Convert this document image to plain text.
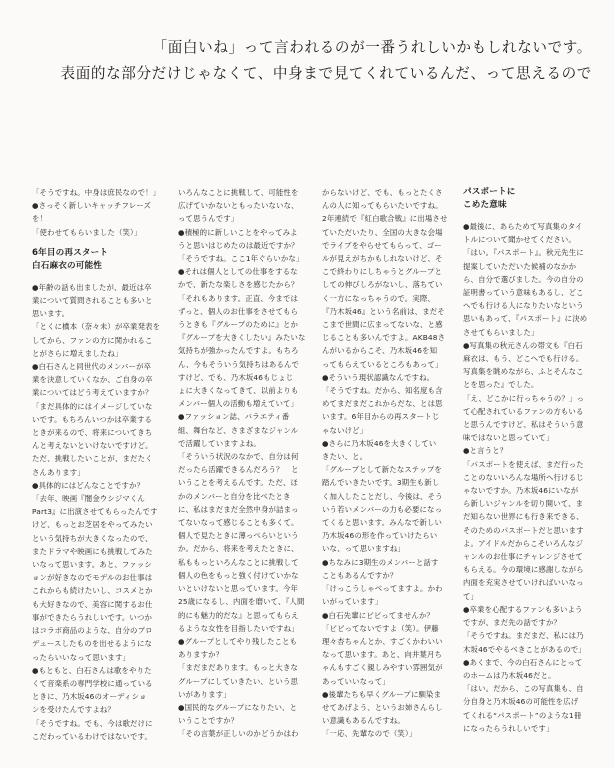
「面白いね」って言われるのが一番うれしいかもしれないです。
表面的な部分だけじゃなくて、中身まで見てくれているんだ、って思えるので
「そうですね。中身は庶民なので！」
●さっそく新しいキャッチフレーズ
を！
「使わせてもらいました（笑）」
6年目の再スタート
白石麻衣の可能性
●年齢の話も出ましたが、最近は卒
業について質問されることも多いと
思います。
「とくに橋本（奈々未）が卒業発表を
してから、ファンの方に関かれるこ
とがさらに増えましたね」
●白石さんと同世代のメンバーが卒
業を決意していくなか、ご自身の卒
業についてはどう考えていますか？
「まだ具体的にはイメージしていな
いです。もちろんいつかは卒業する
ときが来るので、将来についてきち
んと考えないといけないですけど。
ただ、挑戦したいことが、まだたく
さんあります」
●具体的にはどんなことですか？
「去年、映画『闇金ウシジマくん
Part3』に出演させてもらったんです
けど、もっとお芝居をやってみたい
という気持ちが大きくなったので、
またドラマや映画にも挑戦してみた
いなって思います。あと、ファッシ
ョンが好きなのでモデルのお仕事は
これからも続けたいし、コスメとか
も大好きなので、美容に関するお仕
事ができたらうれしいです。いつか
はコラボ商品のような、自分のプロ
デュースしたものを出せるようにな
ったらいいなって思います」
●もともと、白石さんは歌をやりた
くて音楽系の専門学校に通っている
ときに、乃木坂46のオーディショ
ンを受けたんですよね？
「そうですね。でも、今は歌だけに
こだわっているわけではないです。
いろんなことに挑戦して、可能性を
広げていかないともったいないな、
って思うんです」
●積極的に新しいことをやってみよ
うと思いはじめたのは最近ですか？
「そうですね。ここ1年ぐらいかな」
●それは個人としての仕事をするな
かで、新たな楽しさを感じたから？
「それもあります。正直、今までは
ずっと、個人のお仕事をさせてもら
うときも『グループのために』とか
『グループを大きくしたい』みたいな
気持ちが強かったんですよ。もちろ
ん、今もそういう気持ちはあるんで
すけど、でも、乃木坂46もじょじ
ょに大きくなってきて、以前よりも
メンバー個人の活動も増えていて」
●ファッション誌、バラエティ番
組、舞台など、さまざまなジャンル
で活躍していますよね。
「そういう状況のなかで、自分は何
だったら活躍できるんだろう？　と
いうことを考えるんです。ただ、ほ
かのメンバーと自分を比べたとき
に、私はまだまだ全然中身が詰まっ
てないなって感じることも多くて。
個人で見たときに薄っぺらいという
か。だから、将来を考えたときに、
私ももっといろんなことに挑戦して
個人の色をもっと強く付けていかな
いといけないと思っています。今年
25歳になるし、内面を磨いて、『人間
的にも魅力的だな』と思ってもらえ
るような女性を目指したいですね」
●グループとしてやり残したことも
ありますか？
「まだまだあります。もっと大きな
グループにしていきたい、という思
いがあります」
●国民的なグループになりたい、と
いうことですか？
「その言葉が正しいのかどうかはわ
からないけど、でも、もっとたくさ
んの人に知ってもらいたいですね。
2年連続で『紅白歌合戦』に出場させ
ていただいたり、全国の大きな会場
でライブをやらせてもらって、ゴー
ルが見えがちかもしれないけど、そ
こで終わりにしちゃうとグループと
しての伸びしろがないし、落ちてい
く一方になっちゃうので。実際、
『乃木坂46』という名前は、まだそ
こまで世間に広まってないな、と感
じることも多いんですよ。AKB48さ
んがいるからこそ、乃木坂46を知
ってもらえているところもあって」
●そういう現状認識なんですね。
「そうですね。だから、知名度も含
めてまだまだこれからだな、とは思
います。6年目からの再スタートじ
ゃないけど」
●さらに乃木坂46を大きくしてい
きたい、と。
「グループとして新たなステップを
踏んでいきたいです。3期生も新し
く加入したことだし、今後は、そう
いう若いメンバーの力も必要になっ
てくると思います。みんなで新しい
乃木坂46の形を作っていけたらい
いな、って思いますね」
●ちなみに3期生のメンバーと話す
こともあるんですか？
「けっこうしゃべってますよ。かわ
いがっています」
●白石先輩にビビってませんか？
「ビビってないですよ（笑）。伊藤
理々杏ちゃんとか、すごくかわいい
なって思います。あと、向井葉月ち
ゃんもすごく親しみやすい雰囲気が
あっていいなって」
●後輩たちも早くグループに馴染ま
せてあげよう、というお姉さんらし
い意識もあるんですね。
「一応、先輩なので（笑）」
パスポートに
こめた意味
●最後に、あらためて写真集のタイ
トルについて聞かせてください。
「はい。『パスポート』。秋元先生に
提案していただいた候補のなかか
ら、自分で選びました。今の自分の
証明書っていう意味もあるし、どこ
へでも行ける人になりたいなという
思いもあって、『パスポート』に決め
させてもらいました」
●写真集の秋元さんの帯文も『白石
麻衣は、もう、どこへでも行ける。
写真集を眺めながら、ふとそんなこ
とを思った』でした。
「え、どこかに行っちゃうの？」っ
て心配されているファンの方もいる
と思うんですけど、私はそういう意
味ではないと思っていて」
●と言うと？
「パスポートを使えば、まだ行った
ことのないいろんな場所へ行けるじ
ゃないですか。乃木坂46にいなが
ら新しいジャンルを切り開いて、ま
だ知らない世界にも行き来できる、
そのためのパスポートだと思います
よ。アイドルだからこそいろんなジ
ャンルのお仕事にチャレンジさせて
もらえる。今の環境に感謝しながら
内面を充実させていければいいなっ
て」
●卒業を心配するファンも多いよう
ですが、まだ先の話ですか？
「そうですね。まだまだ、私には乃
木坂46でやるべきことがあるので」
●あくまで、今の白石さんにとって
のホームは乃木坂46だと。
「はい。だから、この写真集も、自
分自身と乃木坂46の可能性を広げ
てくれる“パスポート”のような1冊
になったらうれしいです」
